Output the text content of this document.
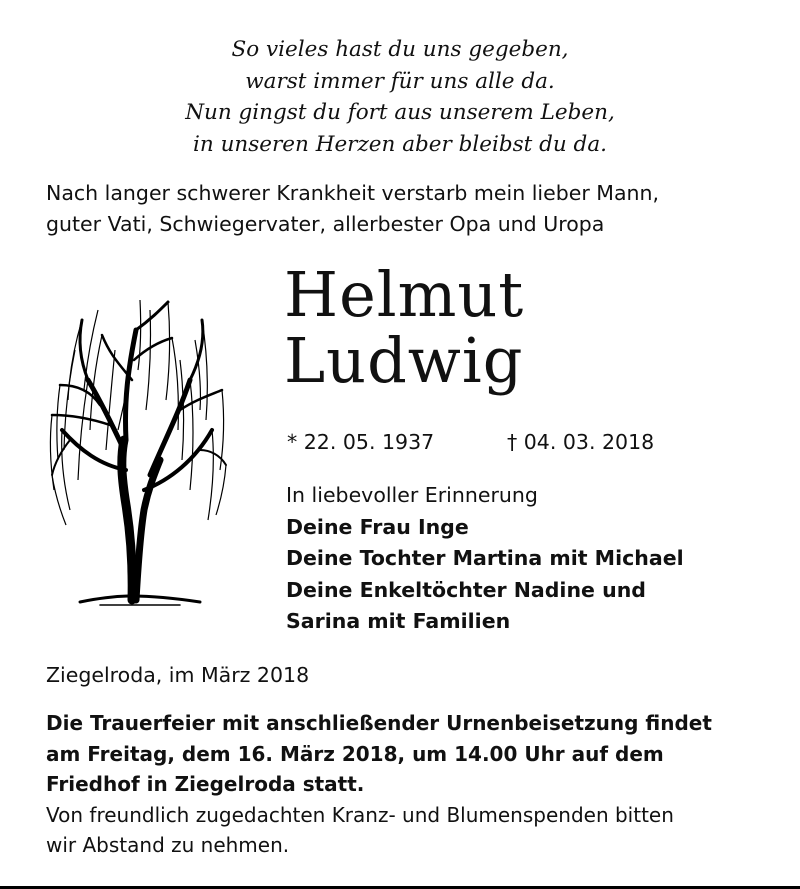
So vieles hast du uns gegeben,
warst immer für uns alle da.
Nun gingst du fort aus unserem Leben,
in unseren Herzen aber bleibst du da.
Nach langer schwerer Krankheit verstarb mein lieber Mann,
guter Vati, Schwiegervater, allerbester Opa und Uropa
Helmut
Ludwig
* 22. 05. 1937	† 04. 03. 2018
In liebevoller Erinnerung
Deine Frau Inge
Deine Tochter Martina mit Michael
Deine Enkeltöchter Nadine und
Sarina mit Familien
Ziegelroda, im März 2018
Die Trauerfeier mit anschließender Urnenbeisetzung findet
am Freitag, dem 16. März 2018, um 14.00 Uhr auf dem
Friedhof in Ziegelroda statt.
Von freundlich zugedachten Kranz- und Blumenspenden bitten
wir Abstand zu nehmen.
